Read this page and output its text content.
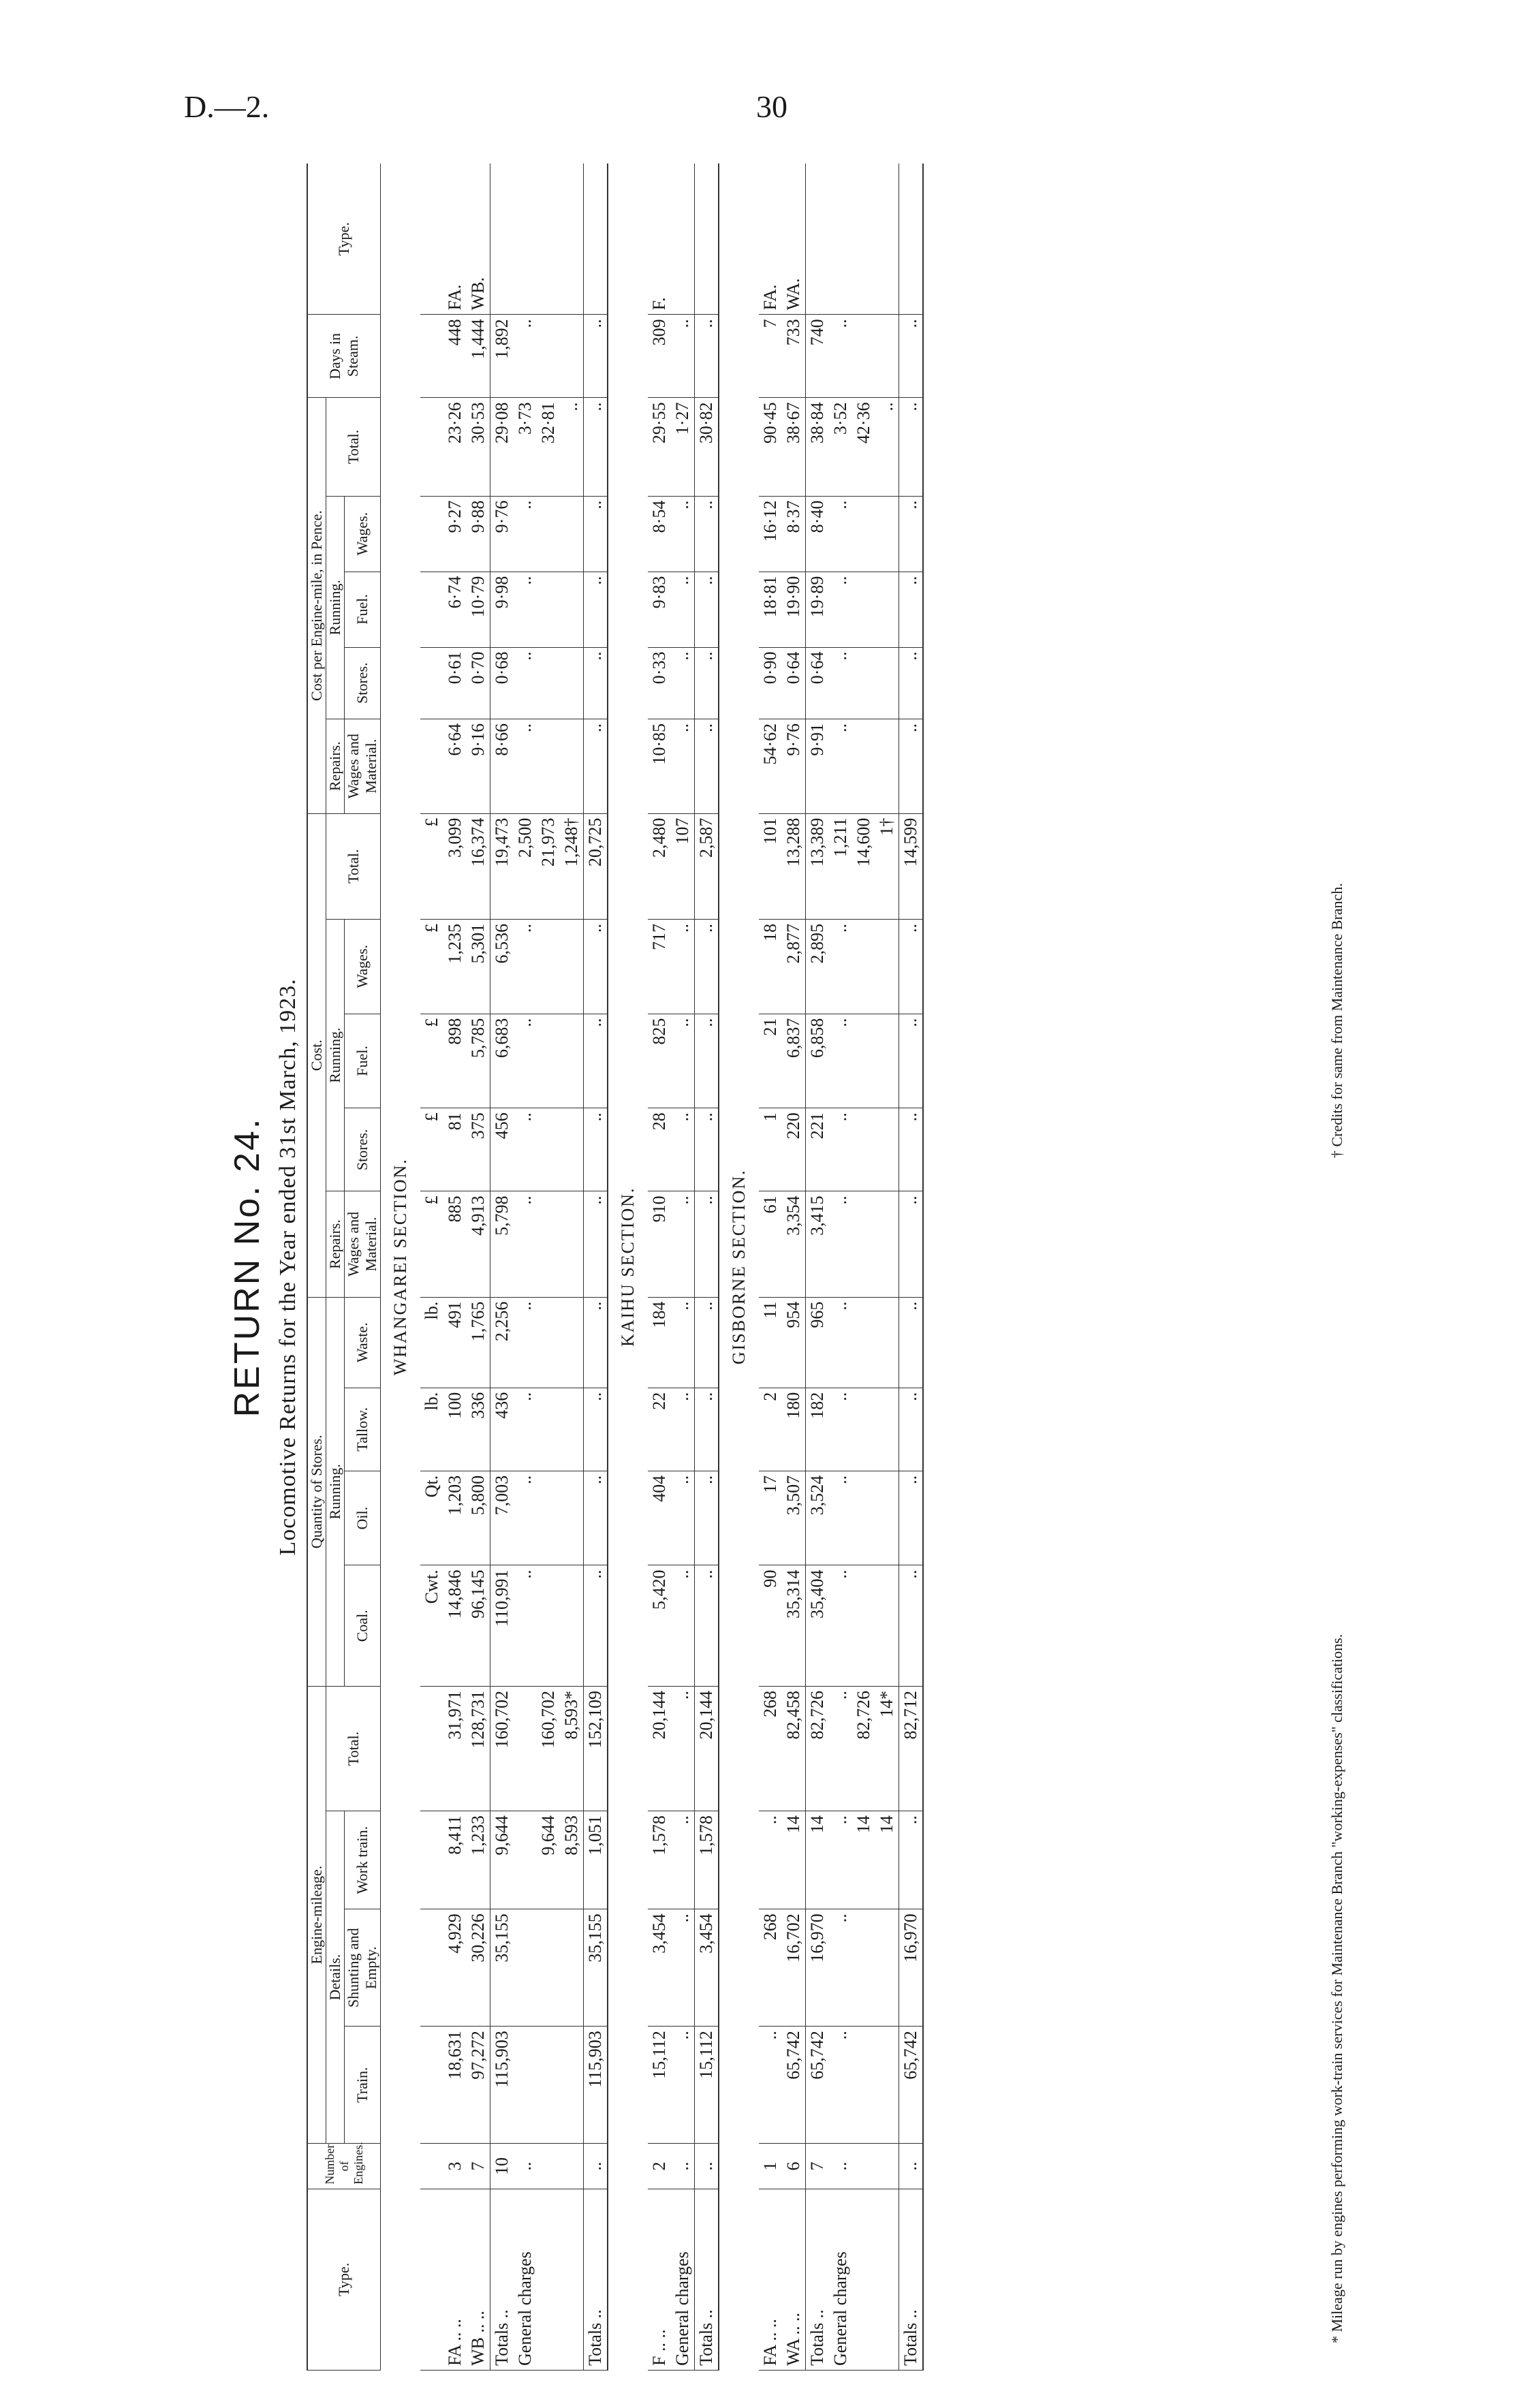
D.—2.	30
RETURN No. 24. Locomotive Returns for the Year ended 31st March, 1923.
Type.	Number of Engines.	Engine-mileage.				Quantity of Stores.				Cost.					Cost per Engine-mile, in Pence.					Days in Steam.	Type.
		Details.			Total.	Running.				Repairs.	Running.			Total.	Repairs.	Running.			Total.		
		Train.	Shunting and Empty.	Work train.		Coal.	Oil.	Tallow.	Waste.		Stores.	Fuel.	Wages.			Stores.	Fuel.	Wages.			
										Wages and Material.					Wages and Material.						
WHANGAREI SECTION.																					
						Cwt.	Qt.	lb.	lb.	£	£	£	£	£							
FA .. ..	3	18,631	4,929	8,411	31,971	14,846	1,203	100	491	885	81	898	1,235	3,099	6·64	0·61	6·74	9·27	23·26	448	FA.
WB .. ..	7	97,272	30,226	1,233	128,731	96,145	5,800	336	1,765	4,913	375	5,785	5,301	16,374	9·16	0·70	10·79	9·88	30·53	1,444	WB.
Totals ..	10	115,903	35,155	9,644	160,702	110,991	7,003	436	2,256	5,798	456	6,683	6,536	19,473	8·66	0·68	9·98	9·76	29·08	1,892	
General charges	..					..	..	..	..	..	..	..	..	2,500	..	..	..	..	3·73	..	
				9,644	160,702									21,973					32·81		
				8,593	8,593*									1,248†					..		
Totals ..	..	115,903	35,155	1,051	152,109	..	..	..	..	..	..	..	..	20,725	..	..	..	..	..	..	
KAIHU SECTION.																					
F .. ..	2	15,112	3,454	1,578	20,144	5,420	404	22	184	910	28	825	717	2,480	10·85	0·33	9·83	8·54	29·55	309	F.
General charges	..	..	..	..	..	..	..	..	..	..	..	..	..	107	..	..	..	..	1·27	..	
Totals ..	..	15,112	3,454	1,578	20,144	..	..	..	..	..	..	..	..	2,587	..	..	..	..	30·82	..	
GISBORNE SECTION.																					
FA .. ..	1	..	268	..	268	90	17	2	11	61	1	21	18	101	54·62	0·90	18·81	16·12	90·45	7	FA.
WA .. ..	6	65,742	16,702	14	82,458	35,314	3,507	180	954	3,354	220	6,837	2,877	13,288	9·76	0·64	19·90	8·37	38·67	733	WA.
Totals ..	7	65,742	16,970	14	82,726	35,404	3,524	182	965	3,415	221	6,858	2,895	13,389	9·91	0·64	19·89	8·40	38·84	740	
General charges	..	..	..	..	..	..	..	..	..	..	..	..	..	1,211	..	..	..	..	3·52	..	
				14	82,726									14,600					42·36		
				14	14*									1†					..		
Totals ..	..	65,742	16,970	..	82,712	..	..	..	..	..	..	..	..	14,599	..	..	..	..	..	..	
* Mileage run by engines performing work-train services for Maintenance Branch "working-expenses" classifications.
† Credits for same from Maintenance Branch.
